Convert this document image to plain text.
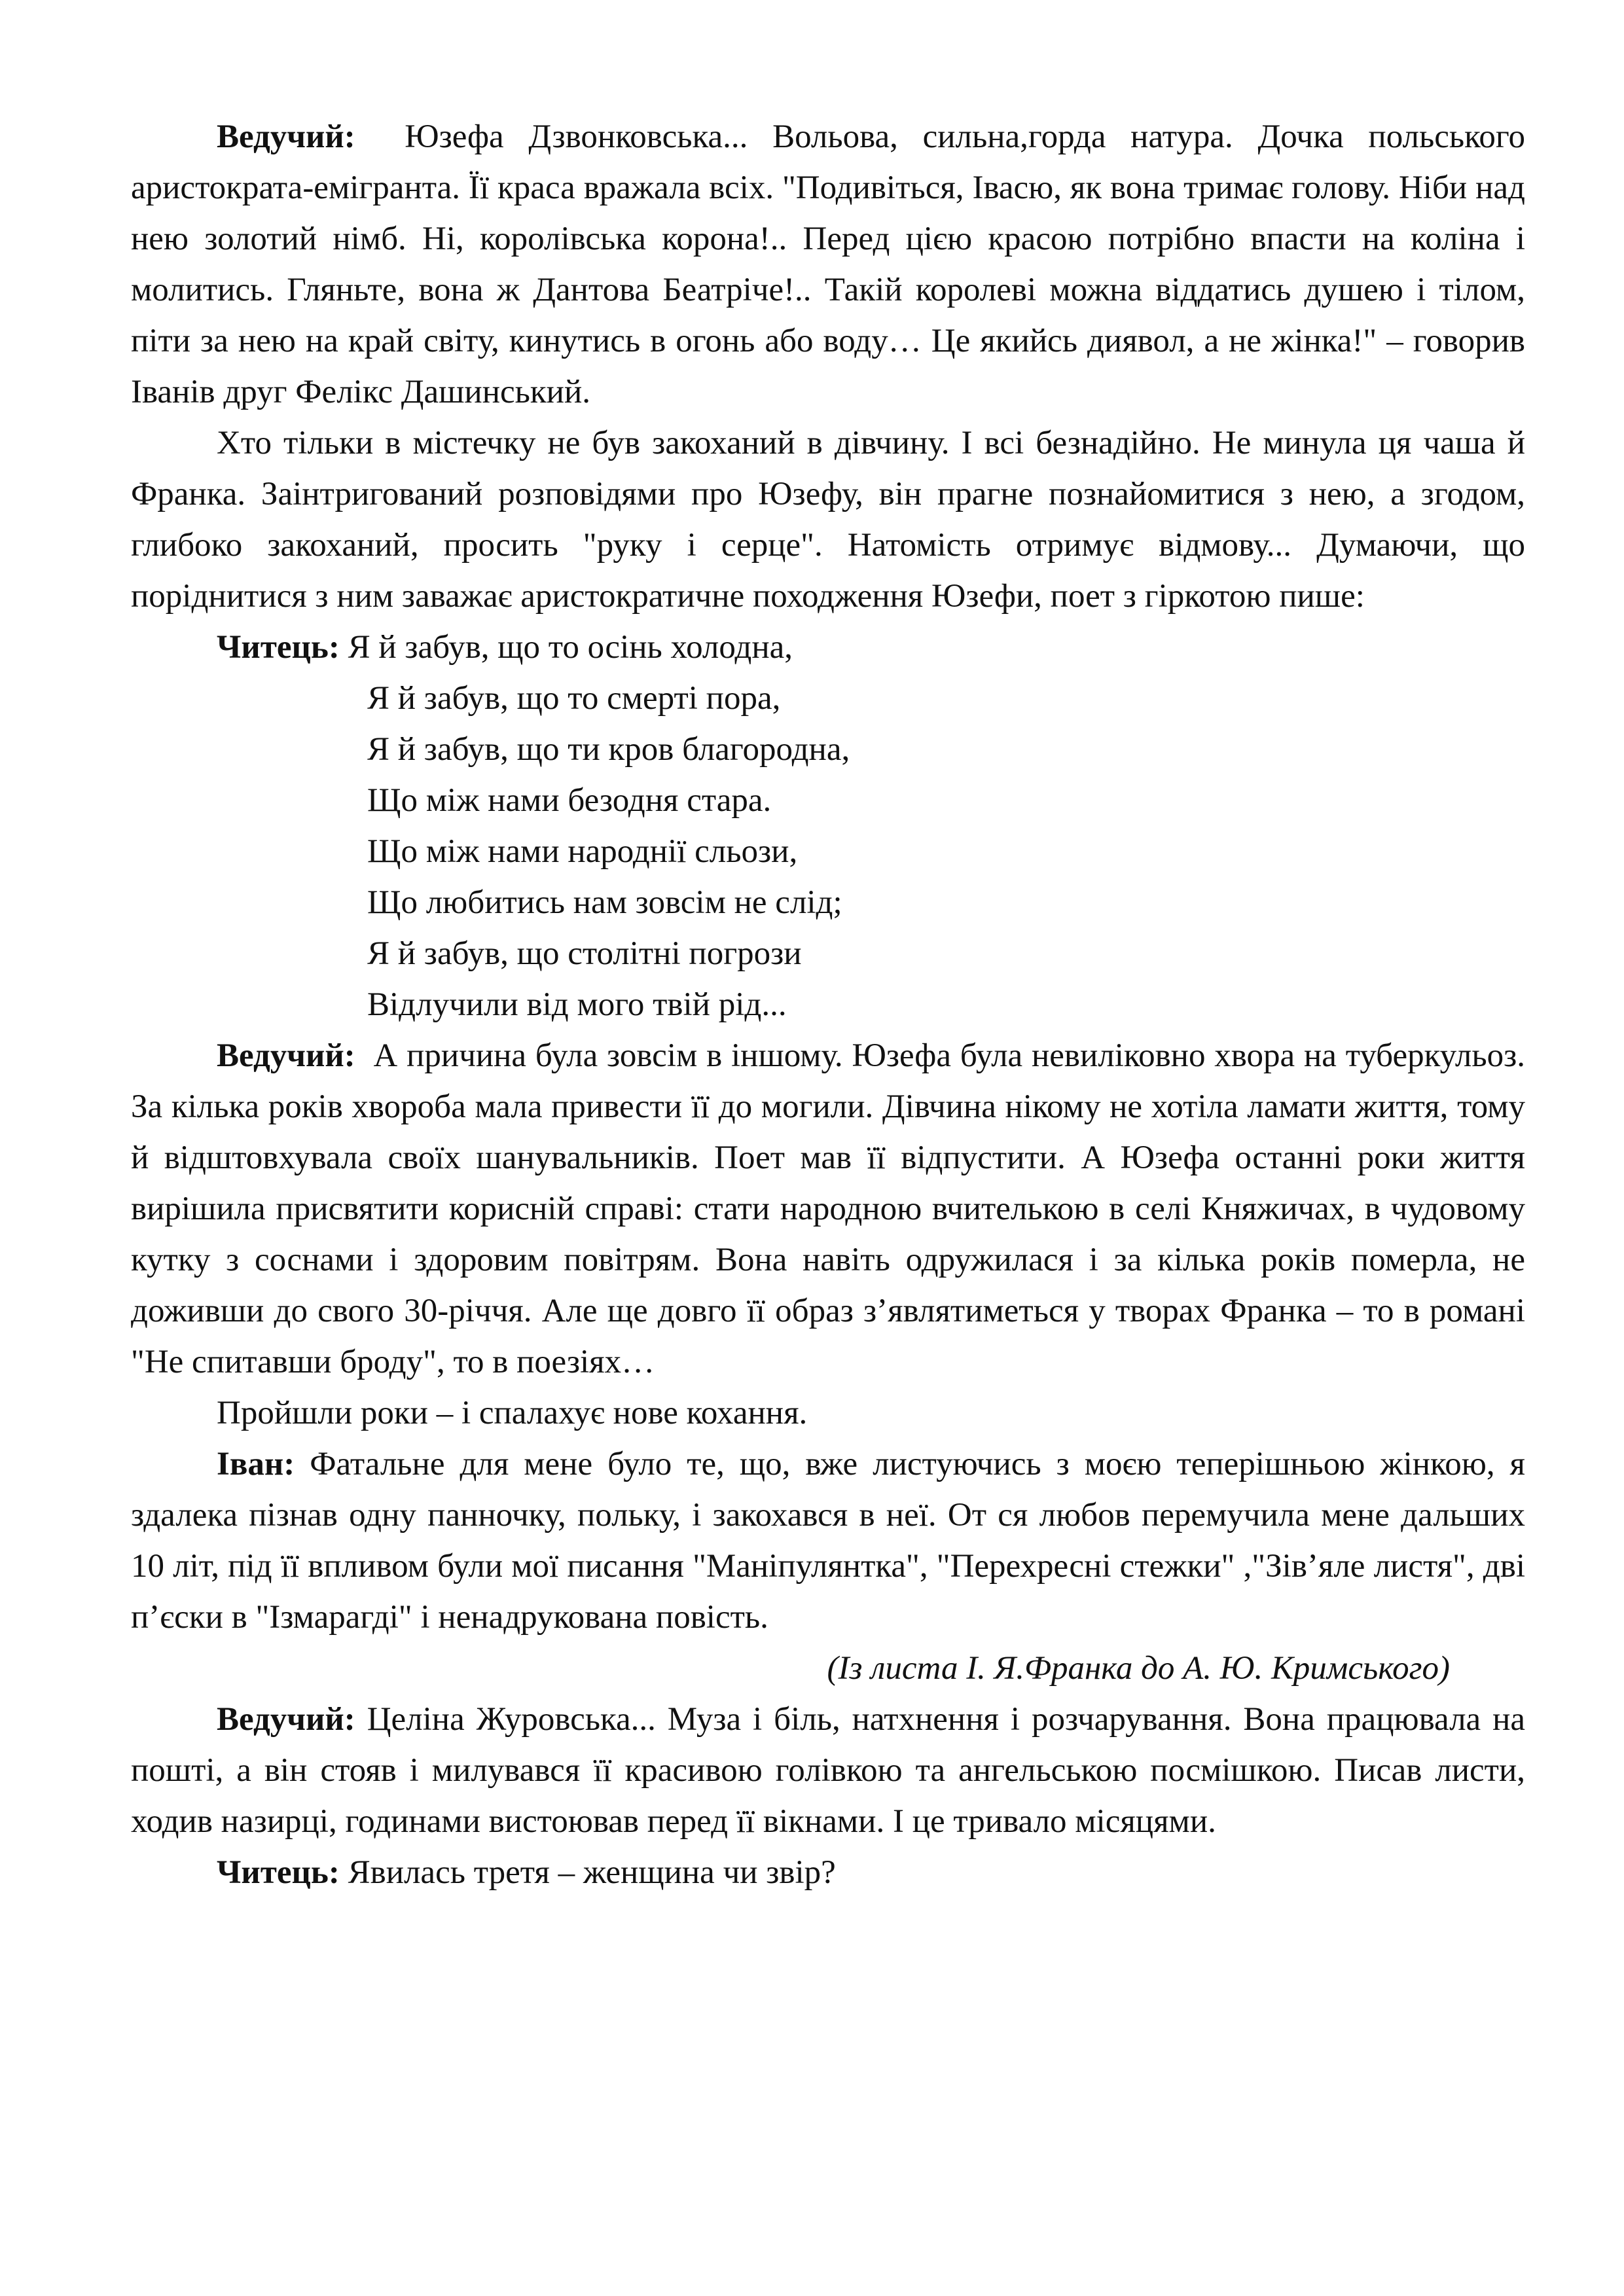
Ведучий: Юзефа Дзвонковська... Вольова, сильна,горда натура. Дочка польського аристократа-емігранта. Її краса вражала всіх. "Подивіться, Івасю, як вона тримає голову. Ніби над нею золотий німб. Ні, королівська корона!.. Перед цією красою потрібно впасти на коліна і молитись. Гляньте, вона ж Дантова Беатріче!.. Такій королеві можна віддатись душею і тілом, піти за нею на край світу, кинутись в огонь або воду… Це якийсь диявол, а не жінка!" – говорив Іванів друг Фелікс Дашинський.

Хто тільки в містечку не був закоханий в дівчину. І всі безнадійно. Не минула ця чаша й Франка. Заінтригований розповідями про Юзефу, він прагне познайомитися з нею, а згодом, глибоко закоханий, просить "руку і серце". Натомість отримує відмову... Думаючи, що поріднитися з ним заважає аристократичне походження Юзефи, поет з гіркотою пише:

Читець: Я й забув, що то осінь холодна,
Я й забув, що то смерті пора,
Я й забув, що ти кров благородна,
Що між нами безодня стара.
Що між нами народнії сльози,
Що любитись нам зовсім не слід;
Я й забув, що столітні погрози
Відлучили від мого твій рід...

Ведучий: А причина була зовсім в іншому. Юзефа була невиліковно хвора на туберкульоз. За кілька років хвороба мала привести її до могили. Дівчина нікому не хотіла ламати життя, тому й відштовхувала своїх шанувальників. Поет мав її відпустити. А Юзефа останні роки життя вирішила присвятити корисній справі: стати народною вчителькою в селі Княжичах, в чудовому кутку з соснами і здоровим повітрям. Вона навіть одружилася і за кілька років померла, не доживши до свого 30-річчя. Але ще довго її образ з’являтиметься у творах Франка – то в романі "Не спитавши броду", то в поезіях…

Пройшли роки – і спалахує нове кохання.

Іван: Фатальне для мене було те, що, вже листуючись з моєю теперішньою жінкою, я здалека пізнав одну панночку, польку, і закохався в неї. От ся любов перемучила мене дальших 10 літ, під її впливом були мої писання "Маніпулянтка", "Перехресні стежки" ,"Зів’яле листя", дві п’єски в "Ізмарагді" і ненадрукована повість.

(Із листа І. Я.Франка до А. Ю. Кримського)

Ведучий: Целіна Журовська... Муза і біль, натхнення і розчарування. Вона працювала на пошті, а він стояв і милувався її красивою голівкою та ангельською посмішкою. Писав листи, ходив назирці, годинами вистоював перед її вікнами. І це тривало місяцями.

Читець: Явилась третя – женщина чи звір?
